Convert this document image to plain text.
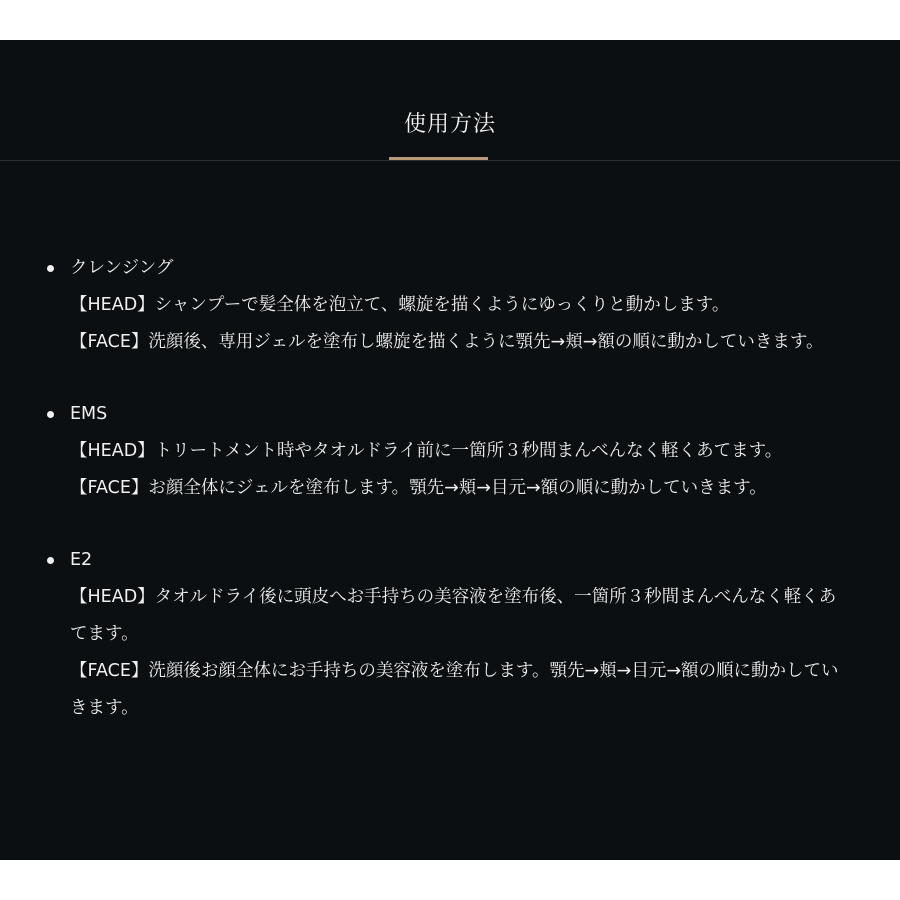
使用方法
クレンジング

【HEAD】シャンプーで髪全体を泡立て、螺旋を描くようにゆっくりと動かします。

【FACE】洗顔後、専用ジェルを塗布し螺旋を描くように顎先→頬→額の順に動かしていきます。

EMS

【HEAD】トリートメント時やタオルドライ前に一箇所３秒間まんべんなく軽くあてます。

【FACE】お顔全体にジェルを塗布します。顎先→頬→目元→額の順に動かしていきます。

E2

【HEAD】タオルドライ後に頭皮へお手持ちの美容液を塗布後、一箇所３秒間まんべんなく軽くあてます。

【FACE】洗顔後お顔全体にお手持ちの美容液を塗布します。顎先→頬→目元→額の順に動かしていきます。
